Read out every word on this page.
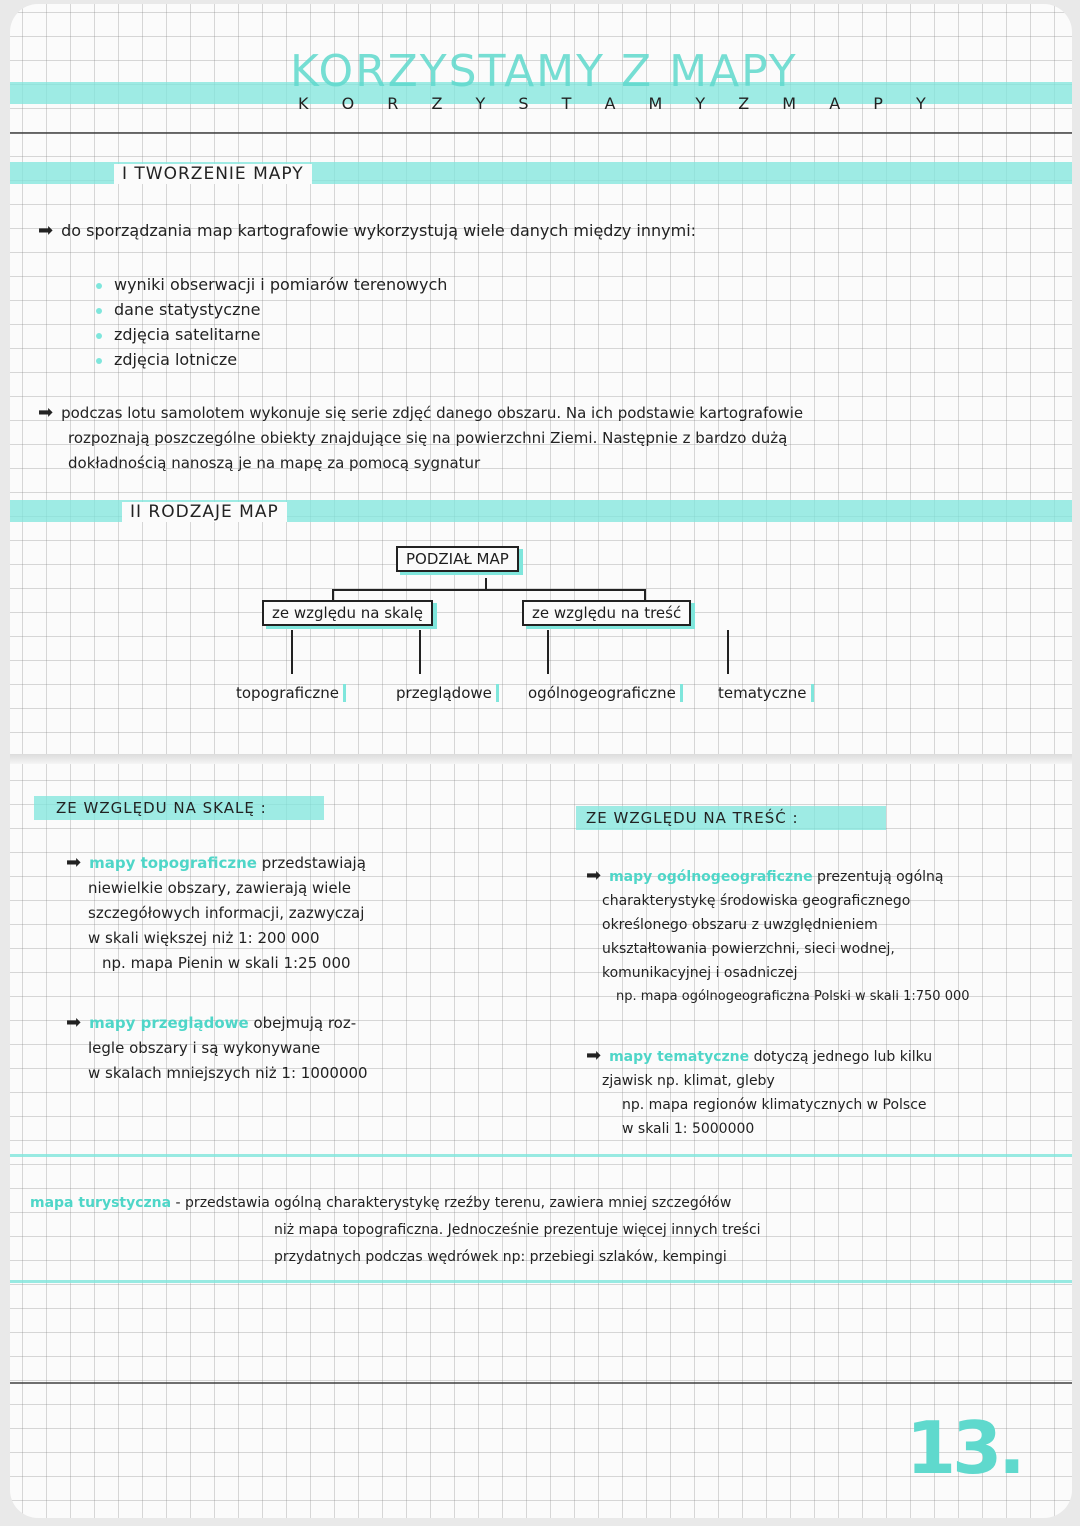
KORZYSTAMY Z MAPY
K O R Z Y S T A M Y Z M A P Y
I TWORZENIE MAPY
➡ do sporządzania map kartografowie wykorzystują wiele danych między innymi:
wyniki obserwacji i pomiarów terenowych
dane statystyczne
zdjęcia satelitarne
zdjęcia lotnicze
➡ podczas lotu samolotem wykonuje się serie zdjęć danego obszaru. Na ich podstawie kartografowie
rozpoznają poszczególne obiekty znajdujące się na powierzchni Ziemi. Następnie z bardzo dużą
dokładnością nanoszą je na mapę za pomocą sygnatur
II RODZAJE MAP
PODZIAŁ MAP
ze względu na skalę	ze względu na treść
topograficzne	przeglądowe	ogólnogeograficzne	tematyczne
ZE WZGLĘDU NA SKALĘ :
➡ mapy topograficzne przedstawiają
niewielkie obszary, zawierają wiele
szczegółowych informacji, zazwyczaj
w skali większej niż 1: 200 000
np. mapa Pienin w skali 1:25 000
➡ mapy przeglądowe obejmują roz-
legle obszary i są wykonywane
w skalach mniejszych niż 1: 1000000
ZE WZGLĘDU NA TREŚĆ :
➡ mapy ogólnogeograficzne prezentują ogólną
charakterystykę środowiska geograficznego
określonego obszaru z uwzględnieniem
ukształtowania powierzchni, sieci wodnej,
komunikacyjnej i osadniczej
np. mapa ogólnogeograficzna Polski w skali 1:750 000
➡ mapy tematyczne dotyczą jednego lub kilku
zjawisk np. klimat, gleby
np. mapa regionów klimatycznych w Polsce
w skali 1: 5000000
mapa turystyczna - przedstawia ogólną charakterystykę rzeźby terenu, zawiera mniej szczegółów
niż mapa topograficzna. Jednocześnie prezentuje więcej innych treści
przydatnych podczas wędrówek np: przebiegi szlaków, kempingi
13.
